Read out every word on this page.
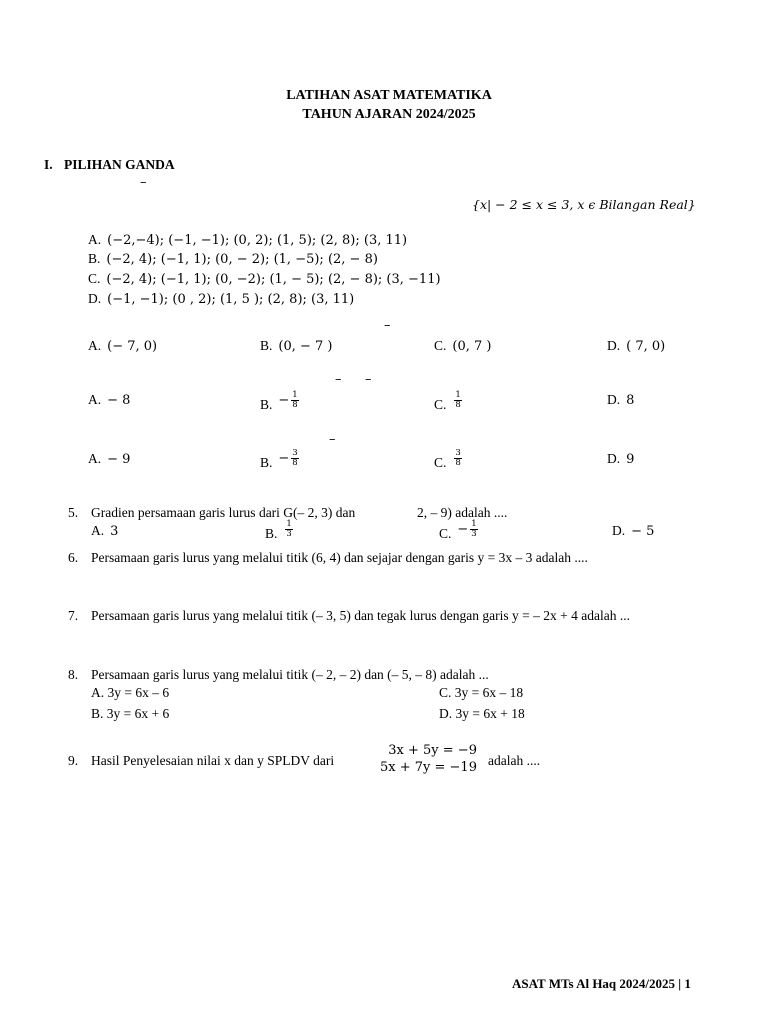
LATIHAN ASAT MATEMATIKA
TAHUN AJARAN 2024/2025
I. PILIHAN GANDA
–
{x| − 2 ≤ x ≤ 3, x ϵ Bilangan Real}
A. (−2,−4); (−1, −1); (0, 2); (1, 5); (2, 8); (3, 11)
B. (−2, 4); (−1, 1); (0, − 2); (1, −5); (2, − 8)
C. (−2, 4); (−1, 1); (0, −2); (1, − 5); (2, − 8); (3, −11)
D. (−1, −1); (0 , 2); (1, 5 ); (2, 8); (3, 11)
–
A. (− 7, 0)	B. (0, − 7 )	C. (0, 7 )	D. ( 7, 0)
– –
A. − 8	$_{B.} - \frac{1}{8}$	$_{C.} \frac{1}{8}$	D. 8
–
A. − 9	$_{B.} - \frac{3}{8}$	$_{C.} \frac{3}{8}$	D. 9
5. Gradien persamaan garis lurus dari G(– 2, 3) dan	2, – 9) adalah ....
A. 3	$_{B.} \frac{1}{3}$	$_{C.} - \frac{1}{3}$	D. − 5
6. Persamaan garis lurus yang melalui titik (6, 4) dan sejajar dengan garis y = 3x – 3 adalah ....
7. Persamaan garis lurus yang melalui titik (– 3, 5) dan tegak lurus dengan garis y = – 2x + 4 adalah ...
8. Persamaan garis lurus yang melalui titik (– 2, – 2) dan (– 5, – 8) adalah ...
A. 3y = 6x – 6	C. 3y = 6x – 18
B. 3y = 6x + 6	D. 3y = 6x + 18
9. Hasil Penyelesaian nilai x dan y SPLDV dari
3x + 5y = −9
5x + 7y = −19 adalah ....
ASAT MTs Al Haq 2024/2025 | 1
